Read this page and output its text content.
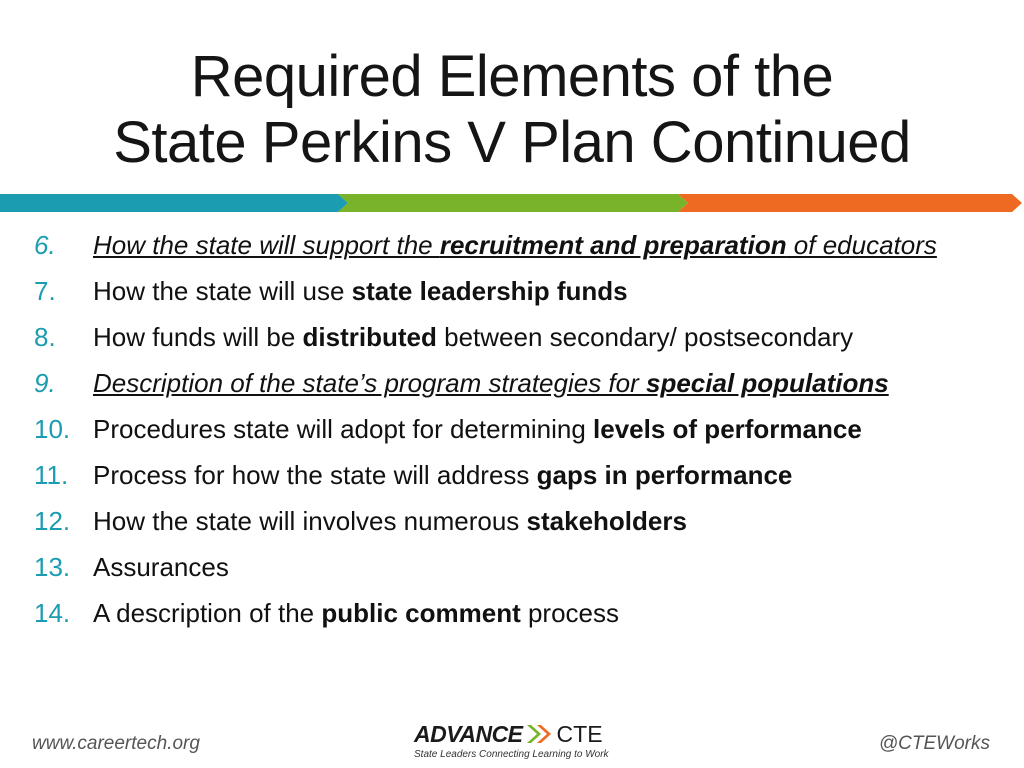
Required Elements of the
State Perkins V Plan Continued
6. How the state will support the recruitment and preparation of educators
7. How the state will use state leadership funds
8. How funds will be distributed between secondary/ postsecondary
9. Description of the state’s program strategies for special populations
10. Procedures state will adopt for determining levels of performance
11. Process for how the state will address gaps in performance
12. How the state will involves numerous stakeholders
13. Assurances
14. A description of the public comment process
www.careertech.org	ADVANCE CTE
State Leaders Connecting Learning to Work
@CTEWorks
